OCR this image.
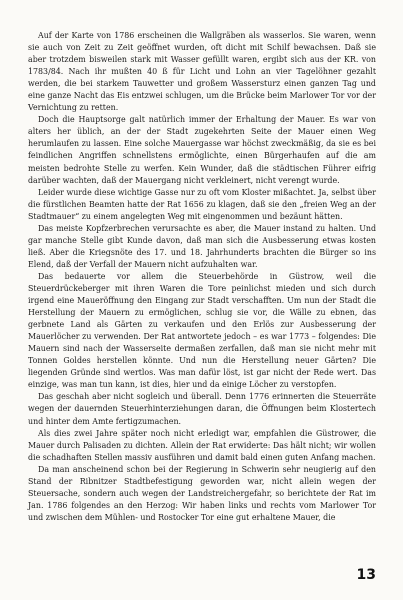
Auf der Karte von 1786 erscheinen die Wallgräben als wasserlos. Sie waren, wenn sie auch von Zeit zu Zeit geöffnet wurden, oft dicht mit Schilf bewachsen. Daß sie aber trotzdem bisweilen stark mit Wasser gefüllt waren, ergibt sich aus der KR. von 1783/84. Nach ihr mußten 40 ß für Licht und Lohn an vier Tagelöhner gezahlt werden, die bei starkem Tauwetter und großem Wassersturz einen ganzen Tag und eine ganze Nacht das Eis entzwei schlugen, um die Brücke beim Marlower Tor vor der Vernichtung zu retten.

Doch die Hauptsorge galt natürlich immer der Erhaltung der Mauer. Es war von alters her üblich, an der der Stadt zugekehrten Seite der Mauer einen Weg herumlaufen zu lassen. Eine solche Mauergasse war höchst zweckmäßig, da sie es bei feindlichen Angriffen schnellstens ermöglichte, einen Bürgerhaufen auf die am meisten bedrohte Stelle zu werfen. Kein Wunder, daß die städtischen Führer eifrig darüber wachten, daß der Mauergang nicht verkleinert, nicht verengt wurde.

Leider wurde diese wichtige Gasse nur zu oft vom Kloster mißachtet. Ja, selbst über die fürstlichen Beamten hatte der Rat 1656 zu klagen, daß sie den „freien Weg an der Stadtmauer“ zu einem angelegten Weg mit eingenommen und bezäunt hätten.

Das meiste Kopfzerbrechen verursachte es aber, die Mauer instand zu halten. Und gar manche Stelle gibt Kunde davon, daß man sich die Ausbesserung etwas kosten ließ. Aber die Kriegsnöte des 17. und 18. Jahrhunderts brachten die Bürger so ins Elend, daß der Verfall der Mauern nicht aufzuhalten war.

Das bedauerte vor allem die Steuerbehörde in Güstrow, weil die Steuerdrückeberger mit ihren Waren die Tore peinlichst mieden und sich durch irgend eine Maueröffnung den Eingang zur Stadt verschafften. Um nun der Stadt die Herstellung der Mauern zu ermöglichen, schlug sie vor, die Wälle zu ebnen, das gerbnete Land als Gärten zu verkaufen und den Erlös zur Ausbesserung der Mauerlöcher zu verwenden. Der Rat antwortete jedoch – es war 1773 – folgendes: Die Mauern sind nach der Wasserseite dermaßen zerfallen, daß man sie nicht mehr mit Tonnen Goldes herstellen könnte. Und nun die Herstellung neuer Gärten? Die liegenden Gründe sind wertlos. Was man dafür löst, ist gar nicht der Rede wert. Das einzige, was man tun kann, ist dies, hier und da einige Löcher zu verstopfen.

Das geschah aber nicht sogleich und überall. Denn 1776 erinnerten die Steuerräte wegen der dauernden Steuerhinterziehungen daran, die Öffnungen beim Klostertech und hinter dem Amte fertigzumachen.

Als dies zwei Jahre später noch nicht erledigt war, empfahlen die Güstrower, die Mauer durch Palisaden zu dichten. Allein der Rat erwiderte: Das hält nicht; wir wollen die schadhaften Stellen massiv ausführen und damit bald einen guten Anfang machen.

Da man anscheinend schon bei der Regierung in Schwerin sehr neugierig auf den Stand der Ribnitzer Stadtbefestigung geworden war, nicht allein wegen der Steuersache, sondern auch wegen der Landstreichergefahr, so berichtete der Rat im Jan. 1786 folgendes an den Herzog: Wir haben links und rechts vom Marlower Tor und zwischen dem Mühlen- und Rostocker Tor eine gut erhaltene Mauer, die

13
